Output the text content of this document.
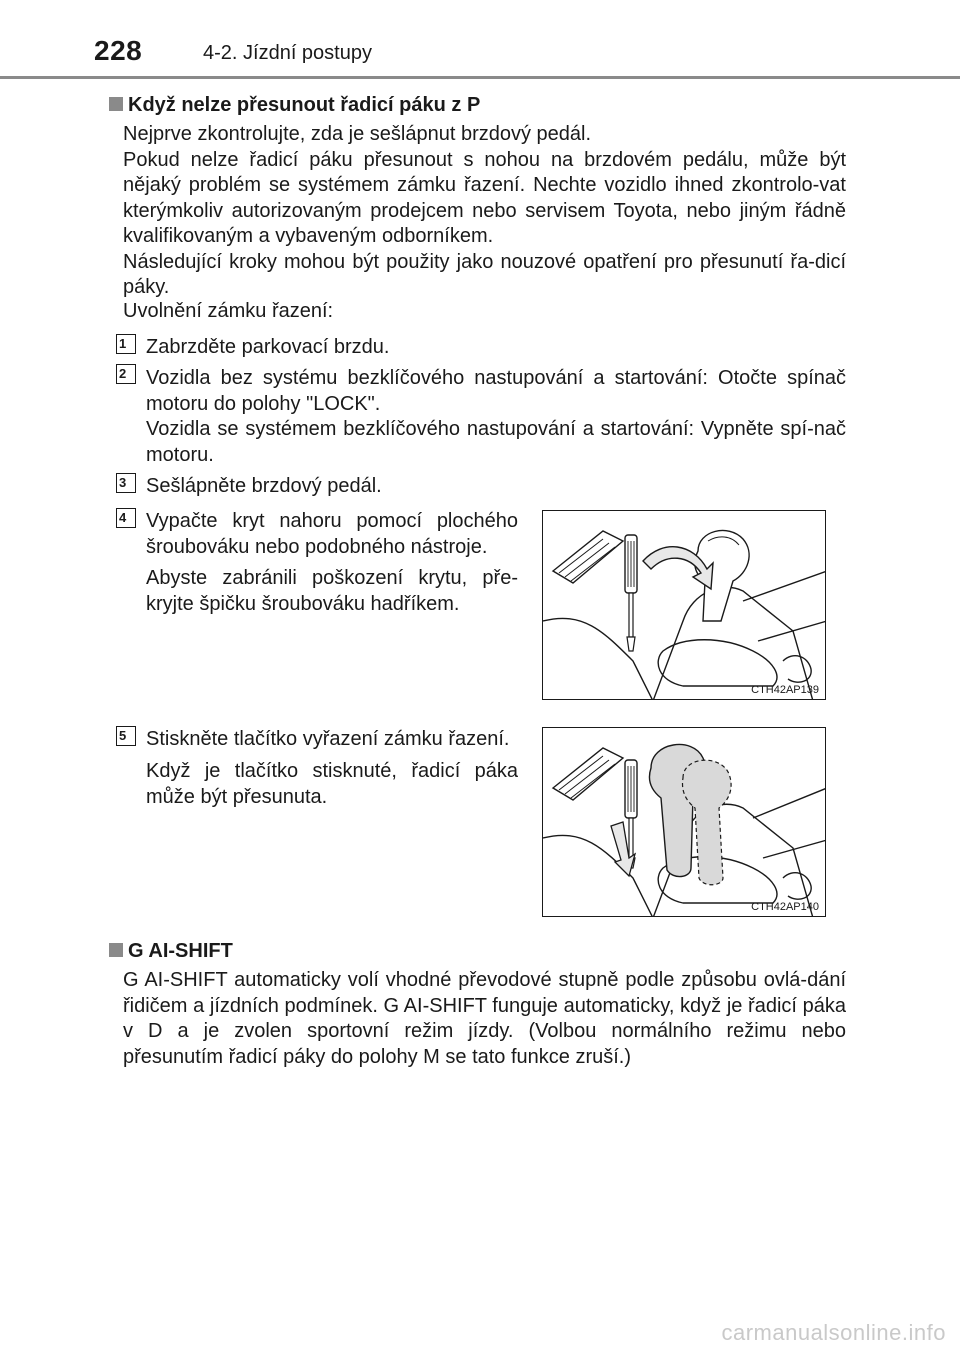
228	4-2. Jízdní postupy
Když nelze přesunout řadicí páku z P
Nejprve zkontrolujte, zda je sešlápnut brzdový pedál.
Pokud nelze řadicí páku přesunout s nohou na brzdovém pedálu, může být nějaký problém se systémem zámku řazení. Nechte vozidlo ihned zkontrolo-vat kterýmkoliv autorizovaným prodejcem nebo servisem Toyota, nebo jiným řádně kvalifikovaným a vybaveným odborníkem.
Následující kroky mohou být použity jako nouzové opatření pro přesunutí ř​a-dicí páky.
Uvolnění zámku řazení:
1 Zabrzděte parkovací brzdu.
2 Vozidla bez systému bezklíčového nastupování a startování: Otočte spínač motoru do polohy "LOCK".
Vozidla se systémem bezklíčového nastupování a startování: Vypněte spí-nač motoru.
3 Sešlápněte brzdový pedál.
4 Vypačte kryt nahoru pomocí plochého šroubováku nebo podobného nástroje.
Abyste zabránili poškození krytu, pře-kryjte špičku šroubováku hadříkem.
CTH42AP139
5 Stiskněte tlačítko vyřazení zámku řazení.
Když je tlačítko stisknuté, řadicí páka může být přesunuta.
CTH42AP140
G AI-SHIFT
G AI-SHIFT automaticky volí vhodné převodové stupně podle způsobu ovlá-dání řidičem a jízdních podmínek. G AI-SHIFT funguje automaticky, když je řadicí páka v D a je zvolen sportovní režim jízdy. (Volbou normálního režimu nebo přesunutím řadicí páky do polohy M se tato funkce zruší.)
carmanualsonline.info
